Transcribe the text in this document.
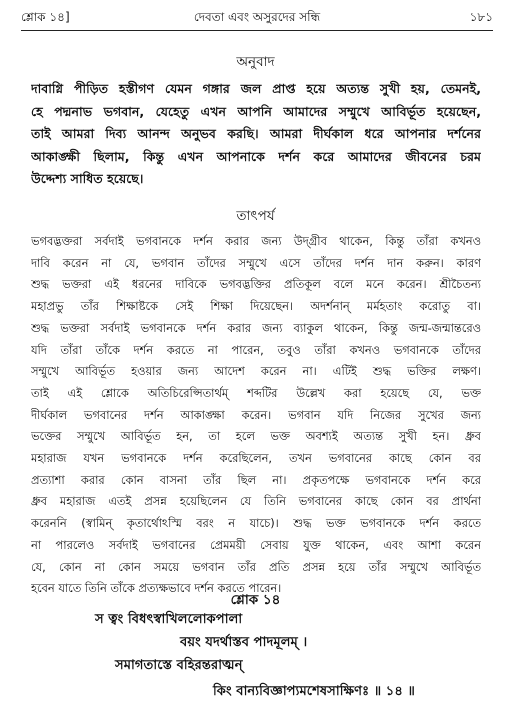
শ্লোক ১৪]	দেবতা এবং অসুরদের সন্ধি	১৮১
অনুবাদ
দাবাগ্নি পীড়িত হস্তীগণ যেমন গঙ্গার জল প্রাপ্ত হয়ে অত্যন্ত সুখী হয়, তেমনই,
হে পদ্মনাভ ভগবান, যেহেতু এখন আপনি আমাদের সম্মুখে আবির্ভূত হয়েছেন,
তাই আমরা দিব্য আনন্দ অনুভব করছি। আমরা দীর্ঘকাল ধরে আপনার দর্শনের
আকাঙ্ক্ষী ছিলাম, কিন্তু এখন আপনাকে দর্শন করে আমাদের জীবনের চরম
উদ্দেশ্য সাধিত হয়েছে।
তাৎপর্য
ভগবদ্ভক্তরা সর্বদাই ভগবানকে দর্শন করার জন্য উদ্‌গ্রীব থাকেন, কিন্তু তাঁরা কখনও
দাবি করেন না যে, ভগবান তাঁদের সম্মুখে এসে তাঁদের দর্শন দান করুন। কারণ
শুদ্ধ ভক্তরা এই ধরনের দাবিকে ভগবদ্ভক্তির প্রতিকূল বলে মনে করেন। শ্রীচৈতন্য
মহাপ্রভু তাঁর শিক্ষাষ্টকে সেই শিক্ষা দিয়েছেন। অদর্শনান্ মর্মহতাং করোতু বা।
শুদ্ধ ভক্তরা সর্বদাই ভগবানকে দর্শন করার জন্য ব্যাকুল থাকেন, কিন্তু জন্ম-জন্মান্তরেও
যদি তাঁরা তাঁকে দর্শন করতে না পারেন, তবুও তাঁরা কখনও ভগবানকে তাঁদের
সম্মুখে আবির্ভূত হওয়ার জন্য আদেশ করেন না। এটিই শুদ্ধ ভক্তির লক্ষণ।
তাই এই শ্লোকে অতিচিরেপ্সিতার্থম্ শব্দটির উল্লেখ করা হয়েছে যে, ভক্ত
দীর্ঘকাল ভগবানের দর্শন আকাঙ্ক্ষা করেন। ভগবান যদি নিজের সুখের জন্য
ভক্তের সম্মুখে আবির্ভূত হন, তা হলে ভক্ত অবশ্যই অত্যন্ত সুখী হন। ধ্রুব
মহারাজ যখন ভগবানকে দর্শন করেছিলেন, তখন ভগবানের কাছে কোন বর
প্রত্যাশা করার কোন বাসনা তাঁর ছিল না। প্রকৃতপক্ষে ভগবানকে দর্শন করে
ধ্রুব মহারাজ এতই প্রসন্ন হয়েছিলেন যে তিনি ভগবানের কাছে কোন বর প্রার্থনা
করেননি (স্বামিন্ কৃতার্থোঽস্মি বরং ন যাচে)। শুদ্ধ ভক্ত ভগবানকে দর্শন করতে
না পারলেও সর্বদাই ভগবানের প্রেমময়ী সেবায় যুক্ত থাকেন, এবং আশা করেন
যে, কোন না কোন সময়ে ভগবান তাঁর প্রতি প্রসন্ন হয়ে তাঁর সম্মুখে আবির্ভূত
হবেন যাতে তিনি তাঁকে প্রত্যক্ষভাবে দর্শন করতে পারেন।
শ্লোক ১৪
স ত্বং বিধৎস্বাখিললোকপালা
বয়ং যদর্থাস্তব পাদমূলম্ ।
সমাগতাস্তে বহিরন্তরাত্মন্
কিং বান্যবিজ্ঞাপ্যমশেষসাক্ষিণঃ ॥ ১৪ ॥
